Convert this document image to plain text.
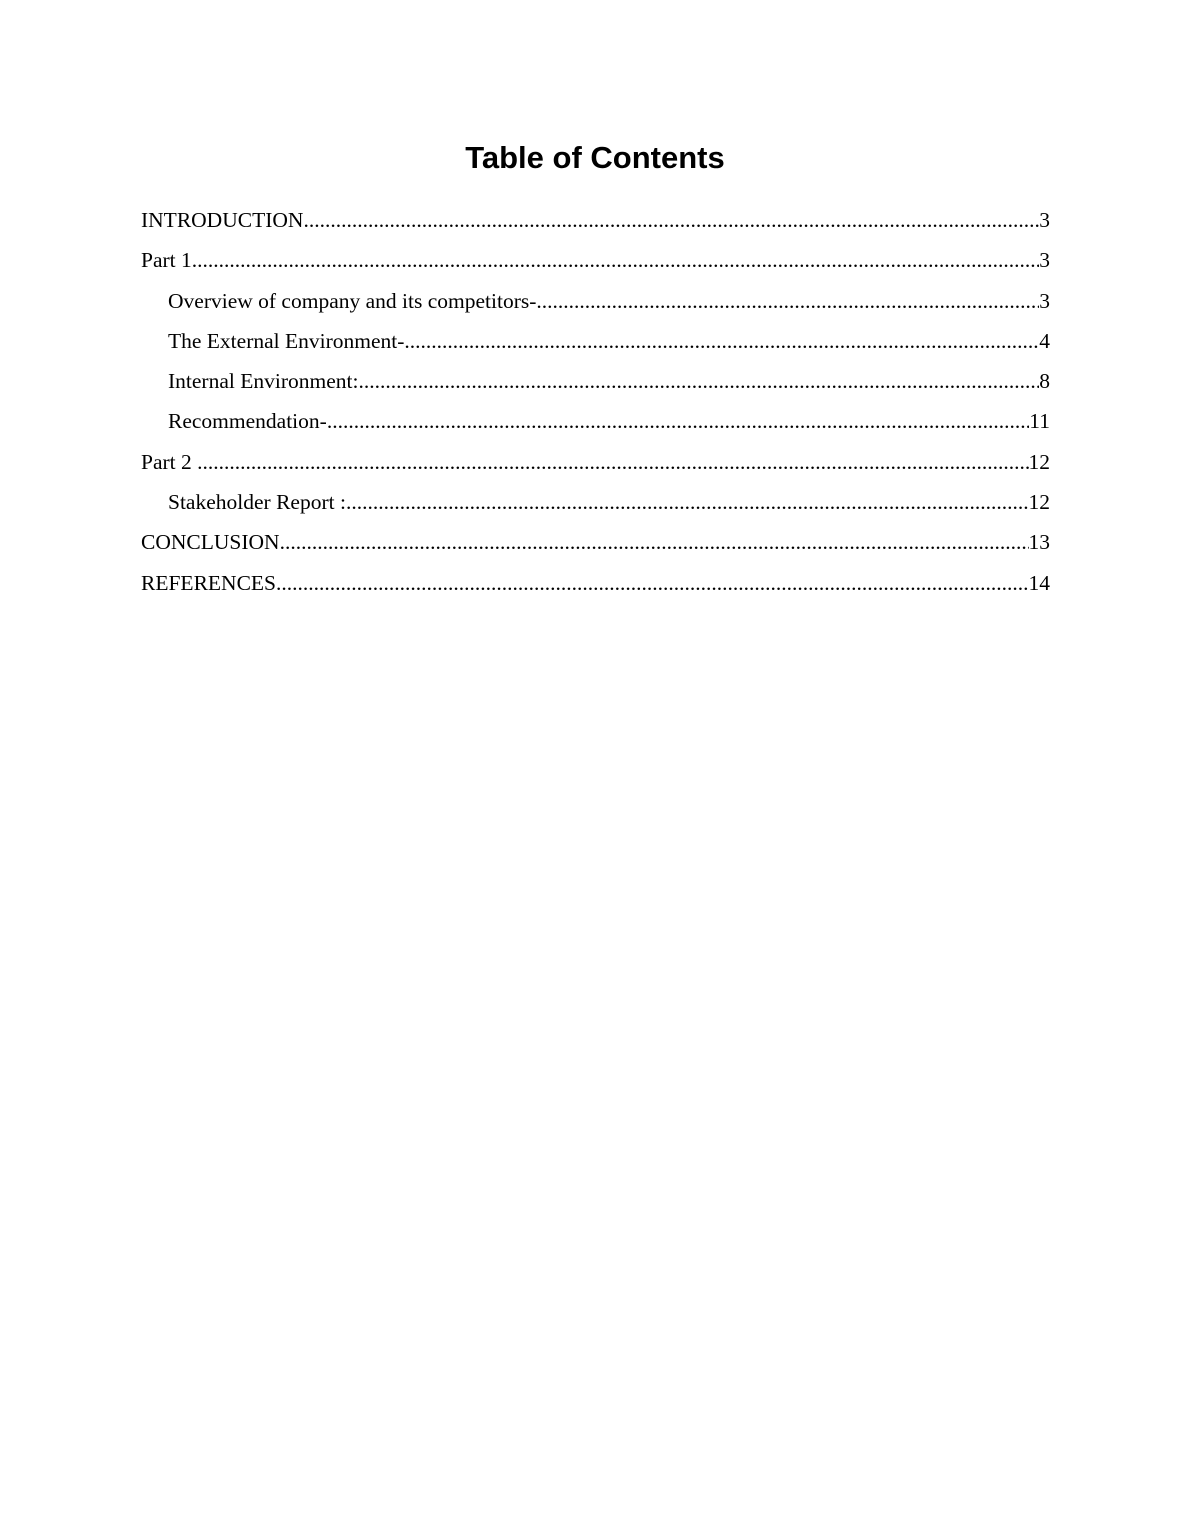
Table of Contents
INTRODUCTION .....	3
Part 1 .....	3
Overview of company and its competitors- .....	3
The External Environment- .....	4
Internal Environment: .....	8
Recommendation- .....	11
Part 2 .....	12
Stakeholder Report : .....	12
CONCLUSION .....	13
REFERENCES .....	14
